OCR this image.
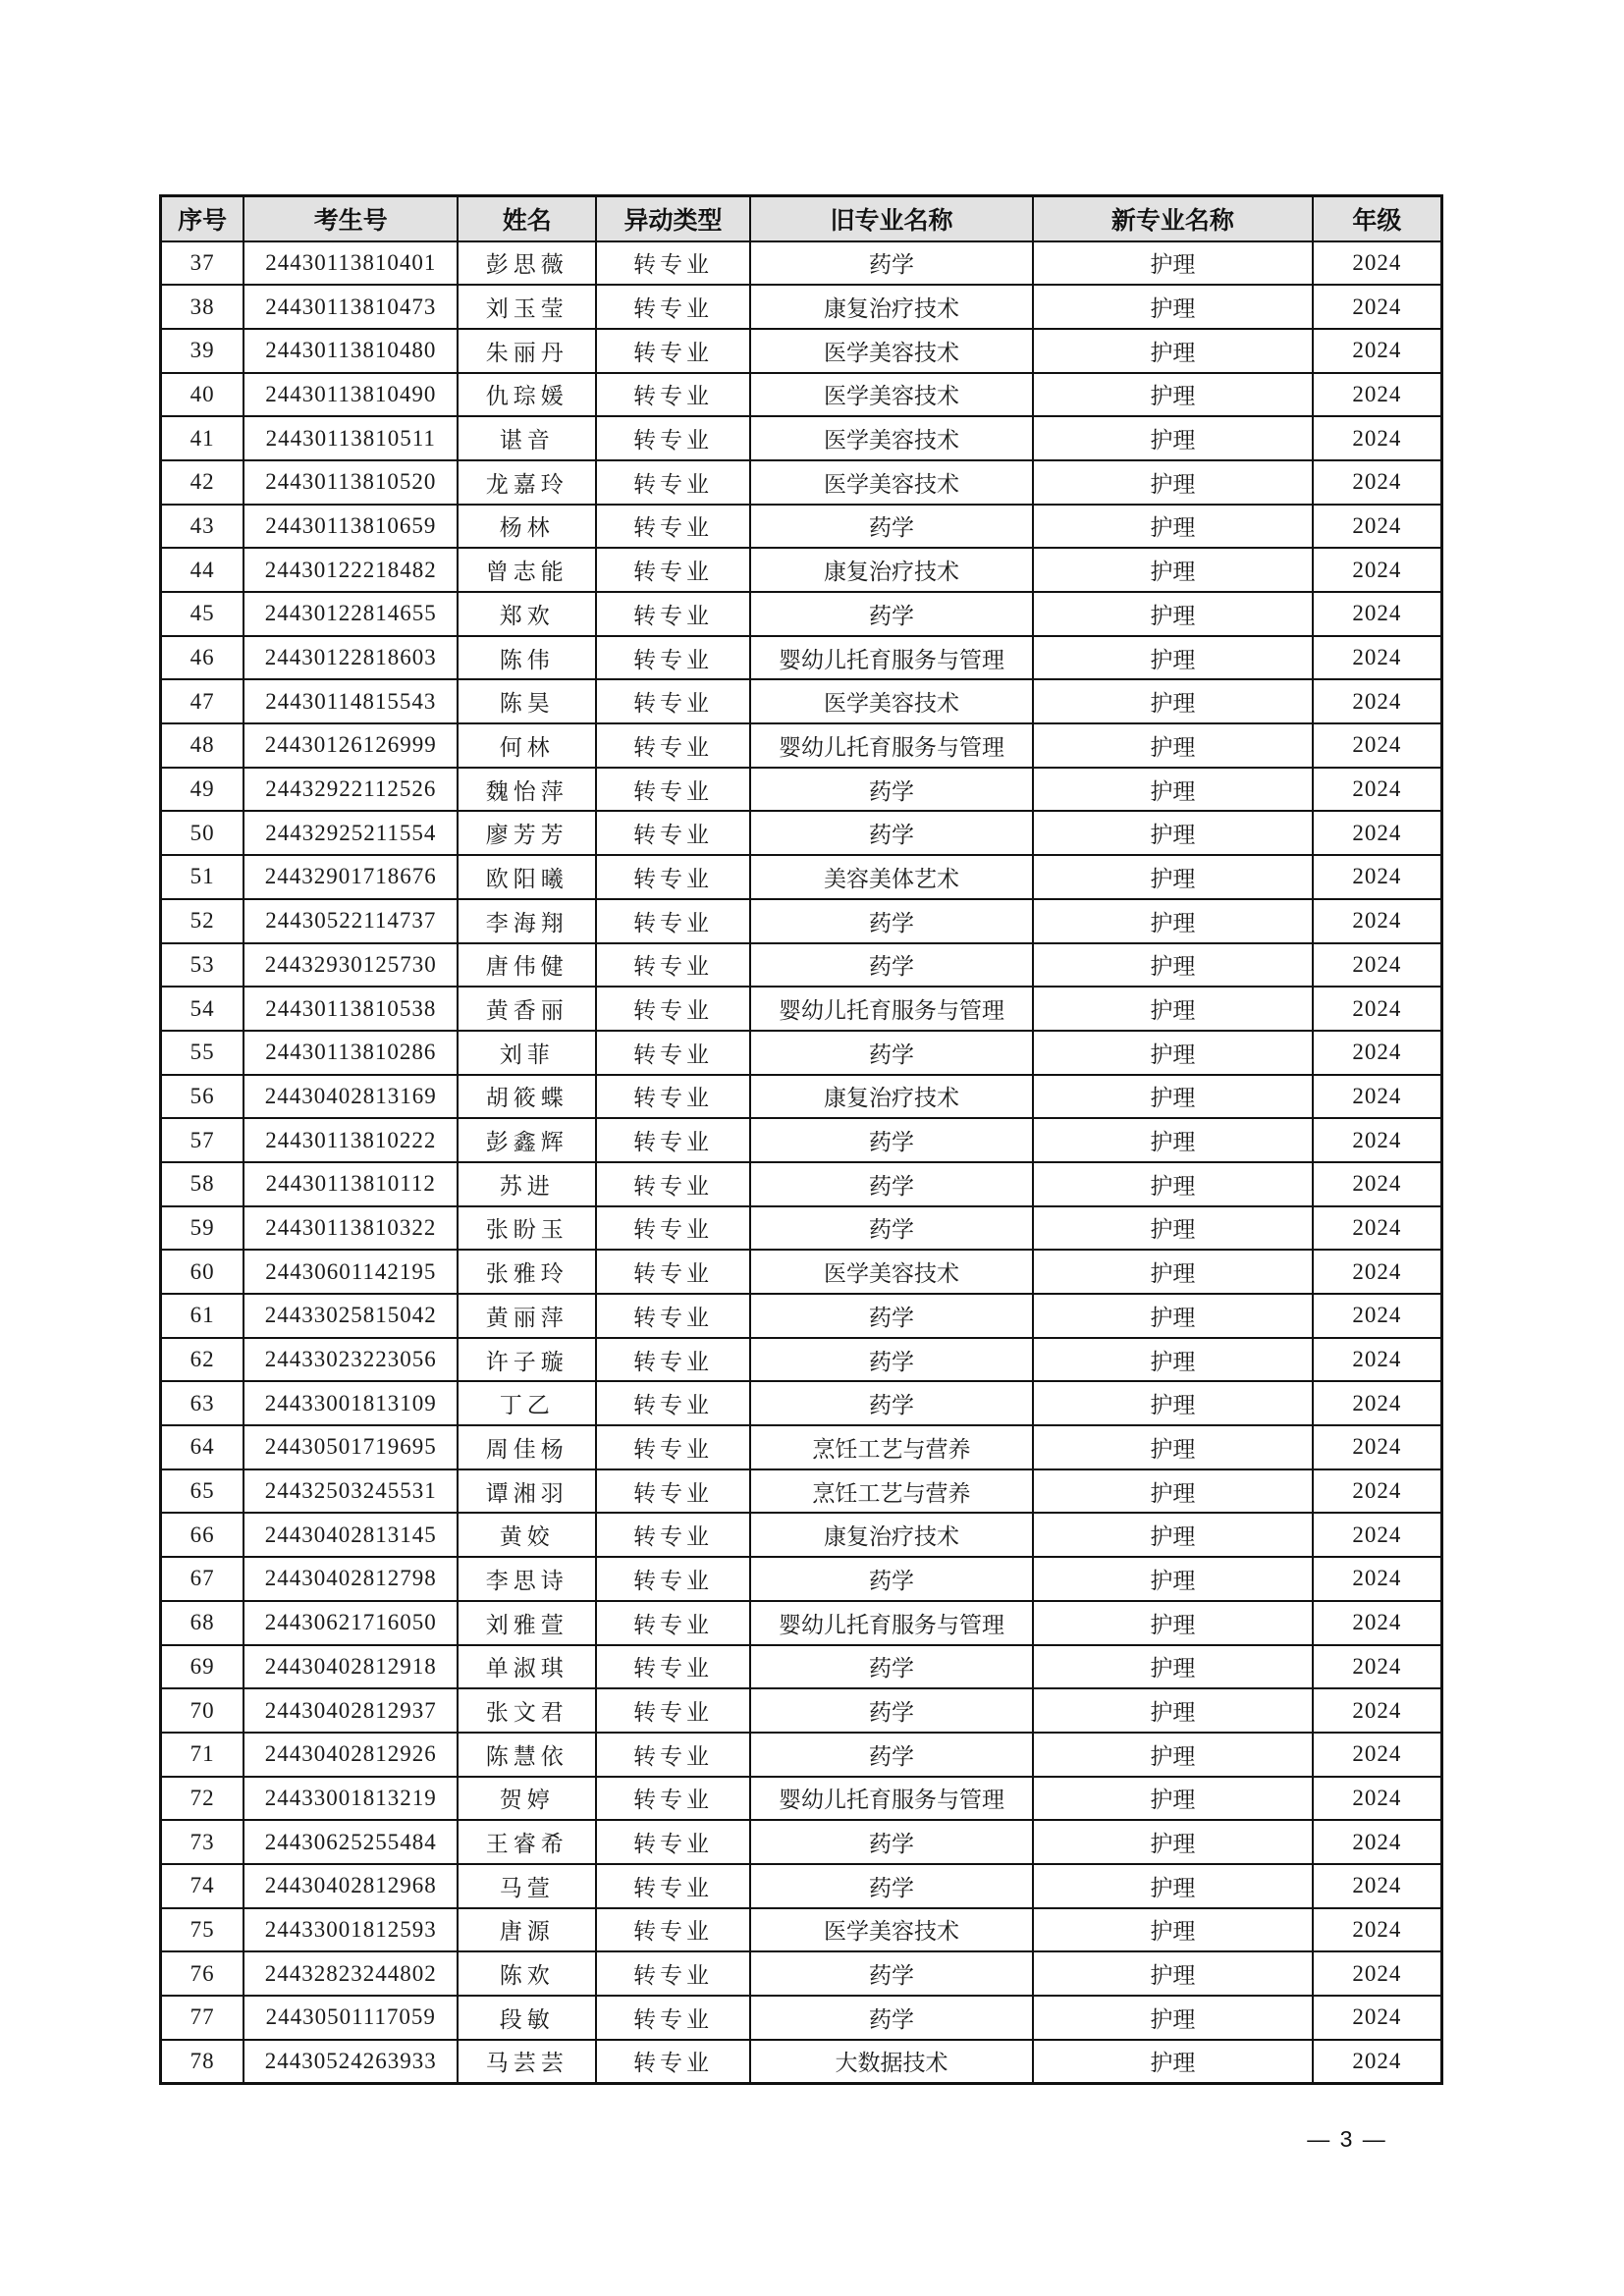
序号	考生号	姓名	异动类型	旧专业名称	新专业名称	年级
37	24430113810401	彭思薇	转专业	药学	护理	2024
38	24430113810473	刘玉莹	转专业	康复治疗技术	护理	2024
39	24430113810480	朱丽丹	转专业	医学美容技术	护理	2024
40	24430113810490	仇琮媛	转专业	医学美容技术	护理	2024
41	24430113810511	谌音	转专业	医学美容技术	护理	2024
42	24430113810520	龙嘉玲	转专业	医学美容技术	护理	2024
43	24430113810659	杨林	转专业	药学	护理	2024
44	24430122218482	曾志能	转专业	康复治疗技术	护理	2024
45	24430122814655	郑欢	转专业	药学	护理	2024
46	24430122818603	陈伟	转专业	婴幼儿托育服务与管理	护理	2024
47	24430114815543	陈昊	转专业	医学美容技术	护理	2024
48	24430126126999	何林	转专业	婴幼儿托育服务与管理	护理	2024
49	24432922112526	魏怡萍	转专业	药学	护理	2024
50	24432925211554	廖芳芳	转专业	药学	护理	2024
51	24432901718676	欧阳曦	转专业	美容美体艺术	护理	2024
52	24430522114737	李海翔	转专业	药学	护理	2024
53	24432930125730	唐伟健	转专业	药学	护理	2024
54	24430113810538	黄香丽	转专业	婴幼儿托育服务与管理	护理	2024
55	24430113810286	刘菲	转专业	药学	护理	2024
56	24430402813169	胡筱蝶	转专业	康复治疗技术	护理	2024
57	24430113810222	彭鑫辉	转专业	药学	护理	2024
58	24430113810112	苏进	转专业	药学	护理	2024
59	24430113810322	张盼玉	转专业	药学	护理	2024
60	24430601142195	张雅玲	转专业	医学美容技术	护理	2024
61	24433025815042	黄丽萍	转专业	药学	护理	2024
62	24433023223056	许子璇	转专业	药学	护理	2024
63	24433001813109	丁乙	转专业	药学	护理	2024
64	24430501719695	周佳杨	转专业	烹饪工艺与营养	护理	2024
65	24432503245531	谭湘羽	转专业	烹饪工艺与营养	护理	2024
66	24430402813145	黄姣	转专业	康复治疗技术	护理	2024
67	24430402812798	李思诗	转专业	药学	护理	2024
68	24430621716050	刘雅萱	转专业	婴幼儿托育服务与管理	护理	2024
69	24430402812918	单淑琪	转专业	药学	护理	2024
70	24430402812937	张文君	转专业	药学	护理	2024
71	24430402812926	陈慧依	转专业	药学	护理	2024
72	24433001813219	贺婷	转专业	婴幼儿托育服务与管理	护理	2024
73	24430625255484	王睿希	转专业	药学	护理	2024
74	24430402812968	马萱	转专业	药学	护理	2024
75	24433001812593	唐源	转专业	医学美容技术	护理	2024
76	24432823244802	陈欢	转专业	药学	护理	2024
77	24430501117059	段敏	转专业	药学	护理	2024
78	24430524263933	马芸芸	转专业	大数据技术	护理	2024
— 3 —
